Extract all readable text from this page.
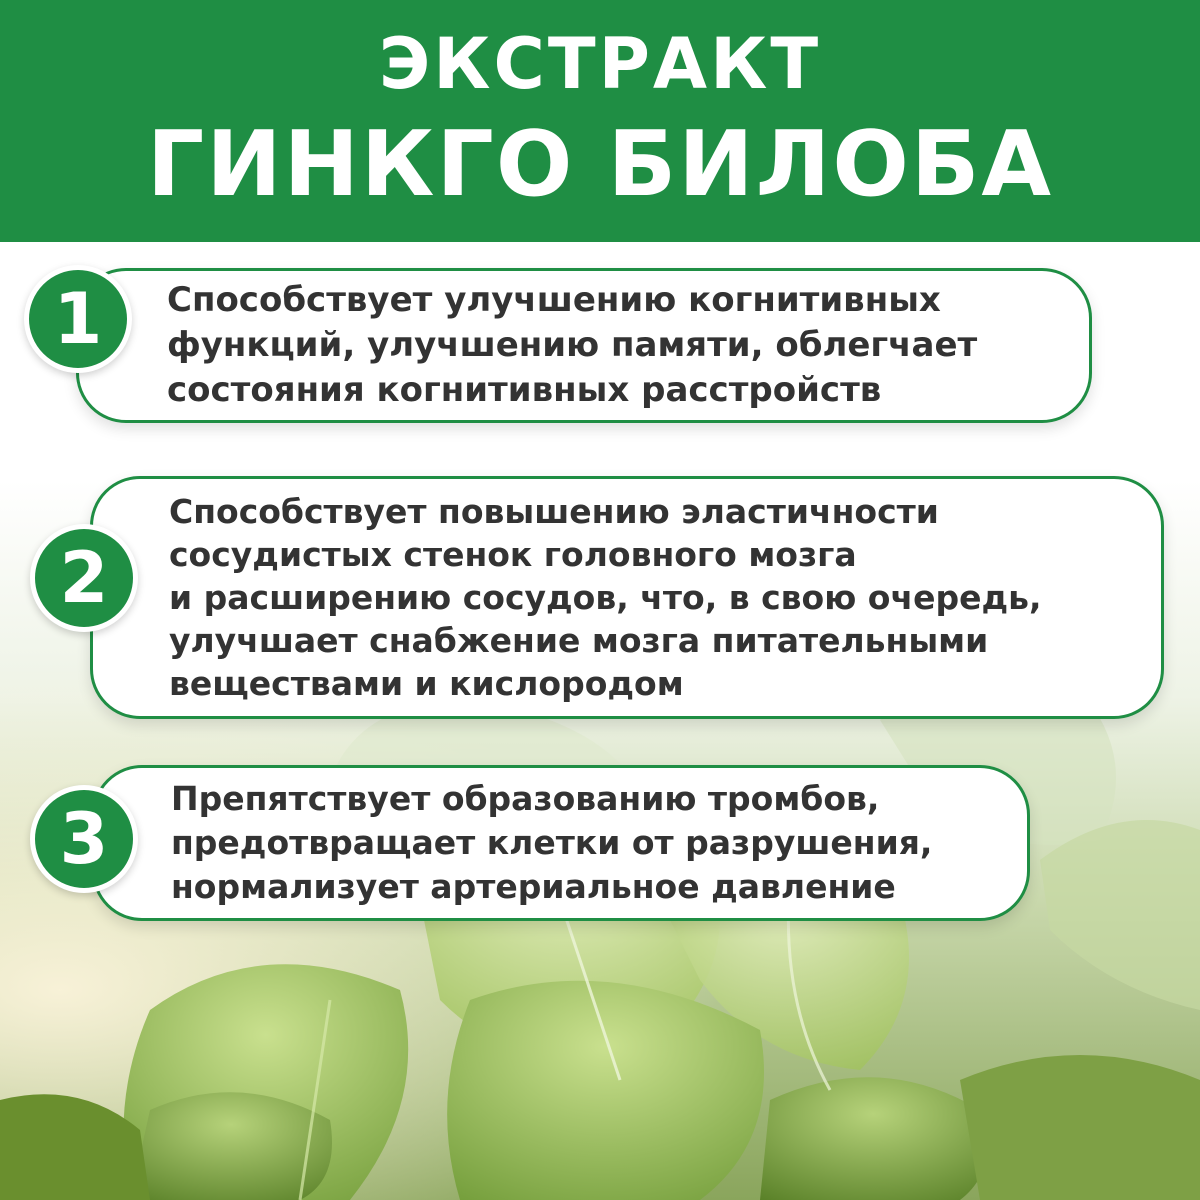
ЭКСТРАКТ
ГИНКГО БИЛОБА
Способствует улучшению когнитивных
функций, улучшению памяти, облегчает
состояния когнитивных расстройств
1
Способствует повышению эластичности
сосудистых стенок головного мозга
и расширению сосудов, что, в свою очередь,
улучшает снабжение мозга питательными
веществами и кислородом
2
Препятствует образованию тромбов,
предотвращает клетки от разрушения,
нормализует артериальное давление
3
